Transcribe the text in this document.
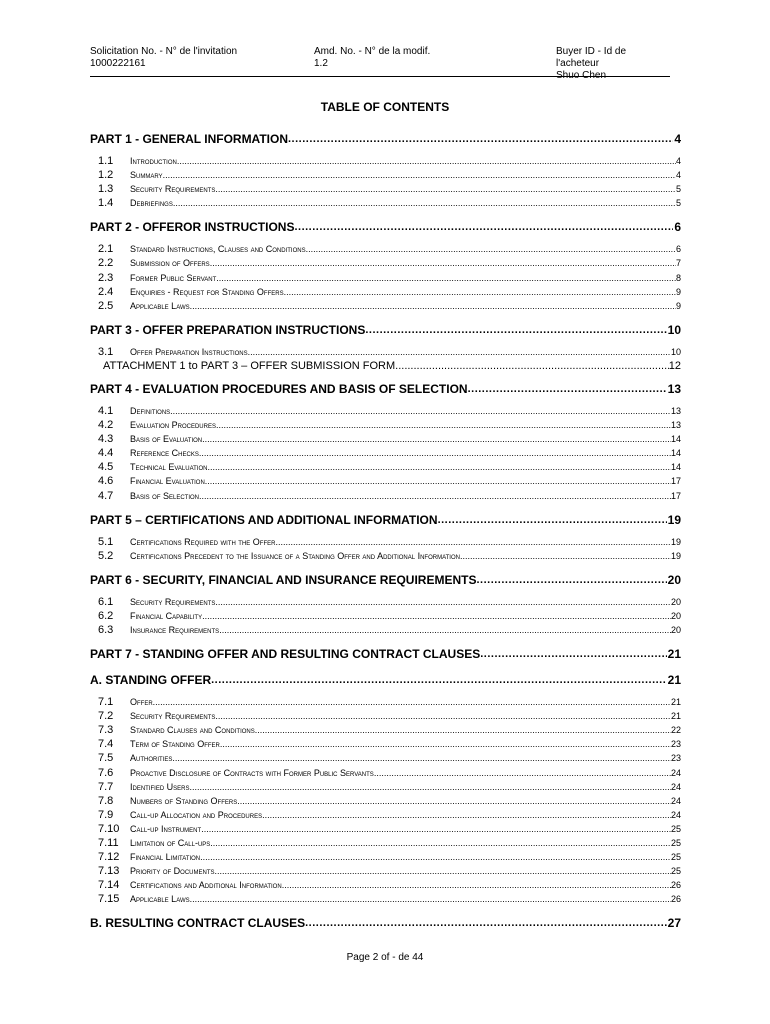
Solicitation No. - N° de l'invitation
1000222161
Amd. No. - N° de la modif.
1.2
Buyer ID - Id de l'acheteur
Shuo Chen
TABLE OF CONTENTS
PART 1 - GENERAL INFORMATION .....	4
1.1	Introduction .....	4
1.2	Summary .....	4
1.3	Security Requirements .....	5
1.4	Debriefings .....	5
PART 2 - OFFEROR INSTRUCTIONS .....	6
2.1	Standard Instructions, Clauses and Conditions .....	6
2.2	Submission of Offers .....	7
2.3	Former Public Servant .....	8
2.4	Enquiries - Request for Standing Offers .....	9
2.5	Applicable Laws .....	9
PART 3 - OFFER PREPARATION INSTRUCTIONS .....	10
3.1	Offer Preparation Instructions .....	10
ATTACHMENT 1 to PART 3 – OFFER SUBMISSION FORM .....	12
PART 4 - EVALUATION PROCEDURES AND BASIS OF SELECTION .....	13
4.1	Definitions .....	13
4.2	Evaluation Procedures .....	13
4.3	Basis of Evaluation .....	14
4.4	Reference Checks .....	14
4.5	Technical Evaluation .....	14
4.6	Financial Evaluation .....	17
4.7	Basis of Selection .....	17
PART 5 – CERTIFICATIONS AND ADDITIONAL INFORMATION .....	19
5.1	Certifications Required with the Offer .....	19
5.2	Certifications Precedent to the Issuance of a Standing Offer and Additional Information .....	19
PART 6 - SECURITY, FINANCIAL AND INSURANCE REQUIREMENTS .....	20
6.1	Security Requirements .....	20
6.2	Financial Capability .....	20
6.3	Insurance Requirements .....	20
PART 7 - STANDING OFFER AND RESULTING CONTRACT CLAUSES .....	21
A. STANDING OFFER .....	21
7.1	Offer .....	21
7.2	Security Requirements .....	21
7.3	Standard Clauses and Conditions .....	22
7.4	Term of Standing Offer .....	23
7.5	Authorities .....	23
7.6	Proactive Disclosure of Contracts with Former Public Servants .....	24
7.7	Identified Users .....	24
7.8	Numbers of Standing Offers .....	24
7.9	Call-up Allocation and Procedures .....	24
7.10	Call-up Instrument .....	25
7.11	Limitation of Call-ups .....	25
7.12	Financial Limitation .....	25
7.13	Priority of Documents .....	25
7.14	Certifications and Additional Information .....	26
7.15	Applicable Laws .....	26
B. RESULTING CONTRACT CLAUSES .....	27
Page 2 of - de 44
